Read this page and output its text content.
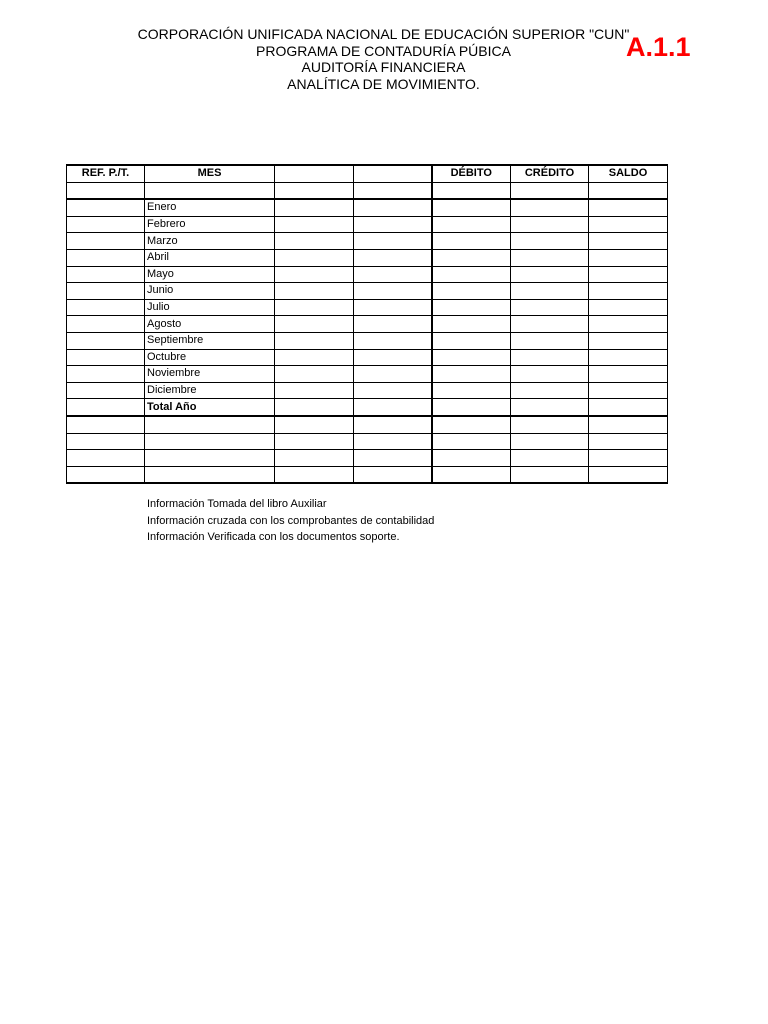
CORPORACIÓN UNIFICADA NACIONAL DE EDUCACIÓN SUPERIOR "CUN"

PROGRAMA DE CONTADURÍA PÚBICA

AUDITORÍA FINANCIERA

ANALÍTICA DE MOVIMIENTO.

A.1.1
REF. P./T.	MES			DÉBITO	CRÉDITO	SALDO

	Enero					
	Febrero					
	Marzo					
	Abril					
	Mayo					
	Junio					
	Julio					
	Agosto					
	Septiembre					
	Octubre					
	Noviembre					
	Diciembre					
	Total Año					

Información Tomada del libro Auxiliar

Información cruzada con los comprobantes de contabilidad

Información Verificada con los documentos soporte.
